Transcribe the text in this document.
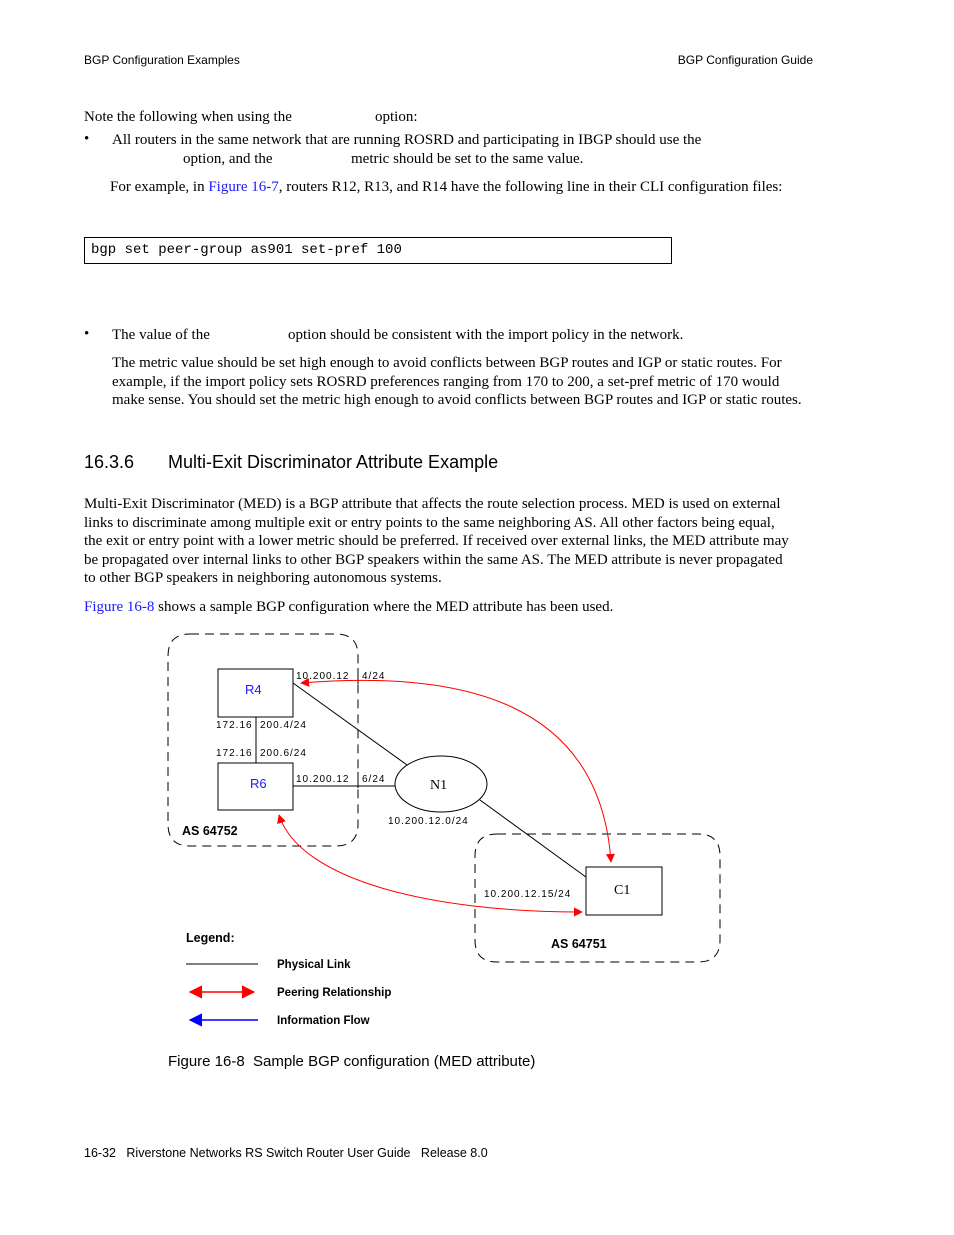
BGP Configuration Examples	BGP Configuration Guide
Note the following when using the	option:
• All routers in the same network that are running ROSRD and participating in IBGP should use the
option, and the	metric should be set to the same value.
For example, in Figure 16-7, routers R12, R13, and R14 have the following line in their CLI configuration files:
bgp set peer-group as901 set-pref 100
• The value of the	option should be consistent with the import policy in the network.
The metric value should be set high enough to avoid conflicts between BGP routes and IGP or static routes. For
example, if the import policy sets ROSRD preferences ranging from 170 to 200, a set-pref metric of 170 would
make sense. You should set the metric high enough to avoid conflicts between BGP routes and IGP or static routes.
16.3.6 Multi-Exit Discriminator Attribute Example
Multi-Exit Discriminator (MED) is a BGP attribute that affects the route selection process. MED is used on external
links to discriminate among multiple exit or entry points to the same neighboring AS. All other factors being equal,
the exit or entry point with a lower metric should be preferred. If received over external links, the MED attribute may
be propagated over internal links to other BGP speakers within the same AS. The MED attribute is never propagated
to other BGP speakers in neighboring autonomous systems.
Figure 16-8 shows a sample BGP configuration where the MED attribute has been used.
R4
R6
C1
N1
10.200.12 4/24
172.16 200.4/24
172.16 200.6/24
10.200.12 6/24
10.200.12.0/24
10.200.12.15/24
AS 64752
AS 64751
Legend:
Physical Link
Peering Relationship
Information Flow
Figure 16-8  Sample BGP configuration (MED attribute)
16-32   Riverstone Networks RS Switch Router User Guide   Release 8.0
